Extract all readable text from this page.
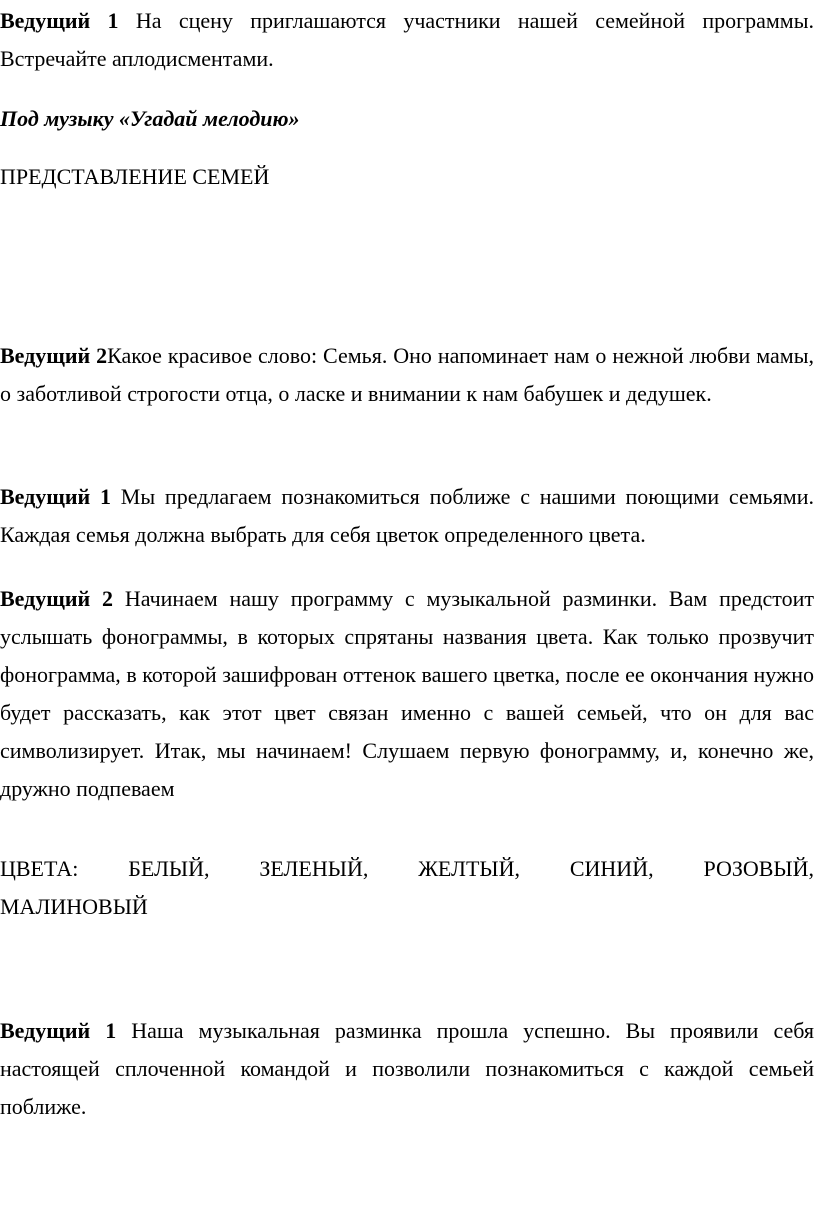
Ведущий 1 На сцену приглашаются участники нашей семейной программы. Встречайте аплодисментами.

Под музыку «Угадай мелодию»

ПРЕДСТАВЛЕНИЕ СЕМЕЙ

Ведущий 2Какое красивое слово: Семья. Оно напоминает нам о нежной любви мамы, о заботливой строгости отца, о ласке и внимании к нам бабушек и дедушек.

Ведущий 1 Мы предлагаем познакомиться поближе с нашими поющими семьями. Каждая семья должна выбрать для себя цветок определенного цвета.

Ведущий 2 Начинаем нашу программу с музыкальной разминки. Вам предстоит услышать фонограммы, в которых спрятаны названия цвета. Как только прозвучит фонограмма, в которой зашифрован оттенок вашего цветка, после ее окончания нужно будет рассказать, как этот цвет связан именно с вашей семьей, что он для вас символизирует. Итак, мы начинаем! Слушаем первую фонограмму, и, конечно же, дружно подпеваем

ЦВЕТА: БЕЛЫЙ, ЗЕЛЕНЫЙ, ЖЕЛТЫЙ, СИНИЙ, РОЗОВЫЙ,

МАЛИНОВЫЙ

Ведущий 1 Наша музыкальная разминка прошла успешно. Вы проявили себя настоящей сплоченной командой и позволили познакомиться с каждой семьей поближе.
